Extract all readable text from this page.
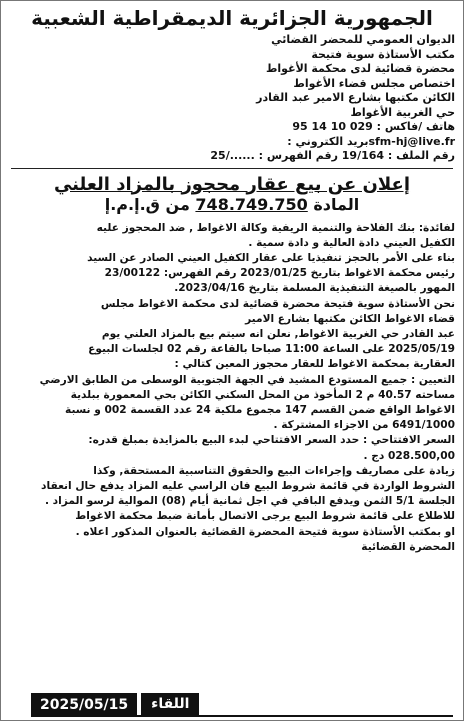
الجمهورية الجزائرية الديمقراطية الشعبية
الديوان العمومي للمحضر القضائي
مكتب الأستاذة سوية فتيحة
محضرة قضائية لدى محكمة الأغواط
اختصاص مجلس قضاء الأغواط
الكائن مكتبها بشارع الامير عبد القادر
حي الغربية الأغواط
هاتف /فاكس : 029 10 14 95
sfm-hj@live.frبريد الكتروني :
رقم الملف : 19/164 رقم الفهرس : ....../25
إعلان عن بيع عقار محجوز بالمزاد العلني
المادة 748.749.750 من ق.إ.م.إ
لفائدة: بنك الفلاحة والتنمية الريفية وكالة الاغواط , ضد المحجوز عليه
الكفيل العيني دادة العالية و دادة سمية .
بناء على الأمر بالحجز تنفيذيا على عقار الكفيل العيني الصادر عن السيد
رئيس محكمة الاغواط بتاريخ 2023/01/25 رقم الفهرس: 23/00122
المهور بالصيغة التنفيذية المسلمة بتاريخ 2023/04/16.
نحن الأستاذة سوية فتيحة محضرة قضائية لدى محكمة الاغواط مجلس
قضاء الاغواط الكائن مكتبها بشارع الامير
عبد القادر حي الغربية الاغواط, نعلن انه سيتم بيع بالمزاد العلني يوم
2025/05/19 على الساعة 11:00 صباحا بالقاعة رقم 02 لجلسات البيوع
العقارية بمحكمة الاغواط للعقار محجوز المعين كتالي :
التعيين : جميع المستودع المشيد في الجهة الجنوبية الوسطى من الطابق الارضي
مساحته 40.57 م 2 المأخوذ من المحل السكني الكائن بحي المعمورة ببلدية
الاغواط الواقع ضمن القسم 147 مجموع ملكية 24 عدد القسمة 002 و نسبة
6491/1000 من الاجزاء المشتركة .
السعر الافتتاحي : حدد السعر الافتتاحي لبدء البيع بالمزايدة بمبلغ قدره:
028.500,00 دج .
زيادة على مصاريف وإجراءات البيع والحقوق التناسبية المستحقة, وكذا
الشروط الواردة في قائمة شروط البيع فان الراسي عليه المزاد يدفع حال انعقاد
الجلسة 5/1 الثمن ويدفع الباقي في اجل ثمانية أيام (08) الموالية لرسو المزاد .
للاطلاع على قائمة شروط البيع يرجى الاتصال بأمانة ضبط محكمة الاغواط
او بمكتب الأستاذة سوية فتيحة المحضرة القضائية بالعنوان المذكور اعلاه .
المحضرة القضائية
2025/05/15	اللقاء
